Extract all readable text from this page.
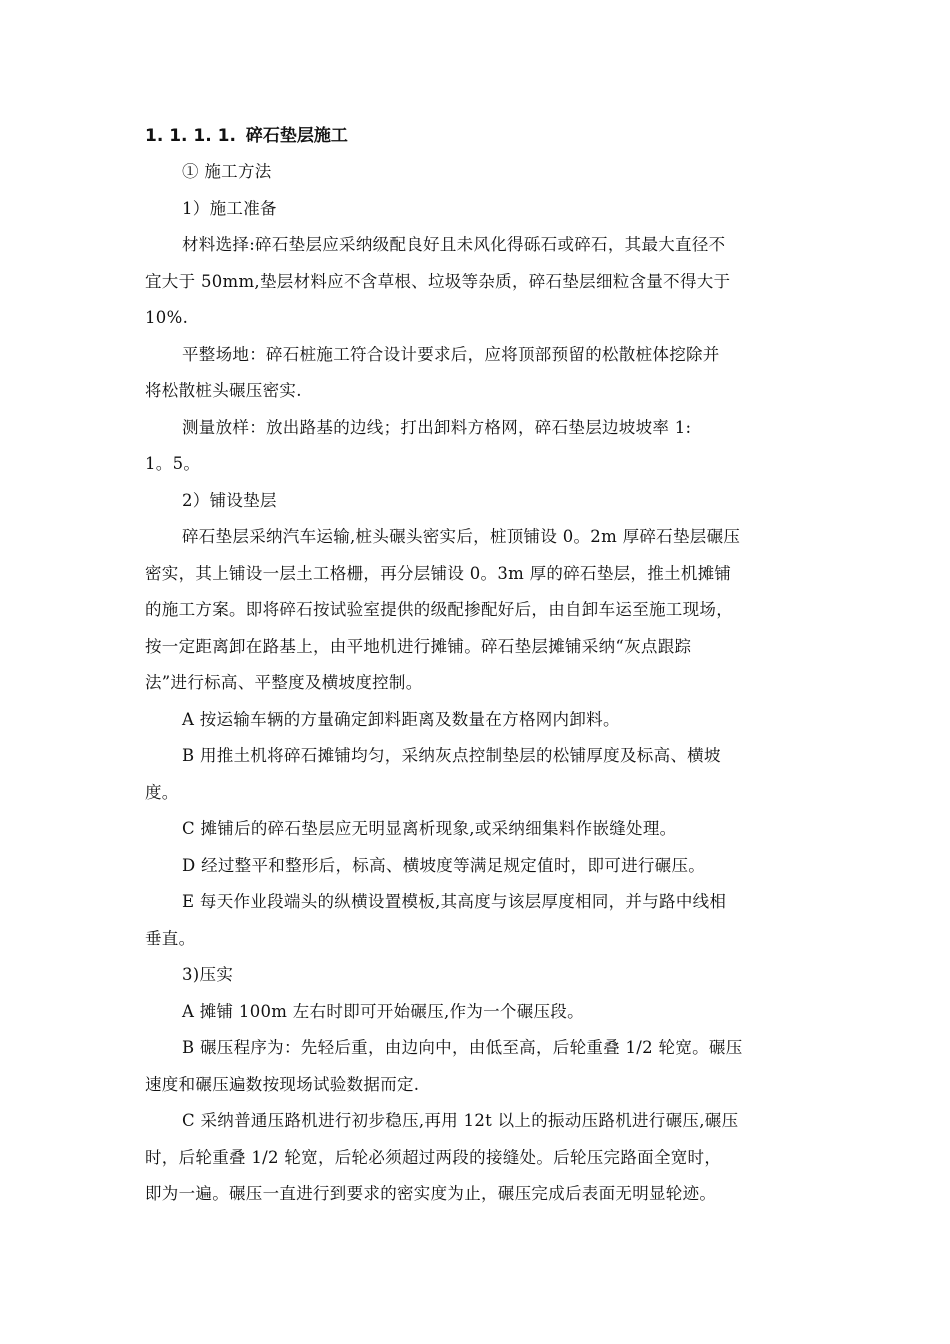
1. 1. 1. 1. 碎石垫层施工
① 施工方法
1）施工准备
材料选择:碎石垫层应采纳级配良好且未风化得砾石或碎石，其最大直径不
宜大于 50mm,垫层材料应不含草根、垃圾等杂质，碎石垫层细粒含量不得大于
10%.
平整场地：碎石桩施工符合设计要求后，应将顶部预留的松散桩体挖除并
将松散桩头碾压密实.
测量放样：放出路基的边线；打出卸料方格网，碎石垫层边坡坡率 1:
1。5。
2）铺设垫层
碎石垫层采纳汽车运输,桩头碾头密实后，桩顶铺设 0。2m 厚碎石垫层碾压
密实，其上铺设一层土工格栅，再分层铺设 0。3m 厚的碎石垫层，推土机摊铺
的施工方案。即将碎石按试验室提供的级配掺配好后，由自卸车运至施工现场，
按一定距离卸在路基上，由平地机进行摊铺。碎石垫层摊铺采纳“灰点跟踪
法”进行标高、平整度及横坡度控制。
A 按运输车辆的方量确定卸料距离及数量在方格网内卸料。
B 用推土机将碎石摊铺均匀，采纳灰点控制垫层的松铺厚度及标高、横坡
度。
C 摊铺后的碎石垫层应无明显离析现象,或采纳细集料作嵌缝处理。
D 经过整平和整形后，标高、横坡度等满足规定值时，即可进行碾压。
E 每天作业段端头的纵横设置模板,其高度与该层厚度相同，并与路中线相
垂直。
3)压实
A 摊铺 100m 左右时即可开始碾压,作为一个碾压段。
B 碾压程序为：先轻后重，由边向中，由低至高，后轮重叠 1/2 轮宽。碾压
速度和碾压遍数按现场试验数据而定.
C 采纳普通压路机进行初步稳压,再用 12t 以上的振动压路机进行碾压,碾压
时，后轮重叠 1/2 轮宽，后轮必须超过两段的接缝处。后轮压完路面全宽时，
即为一遍。碾压一直进行到要求的密实度为止，碾压完成后表面无明显轮迹。
